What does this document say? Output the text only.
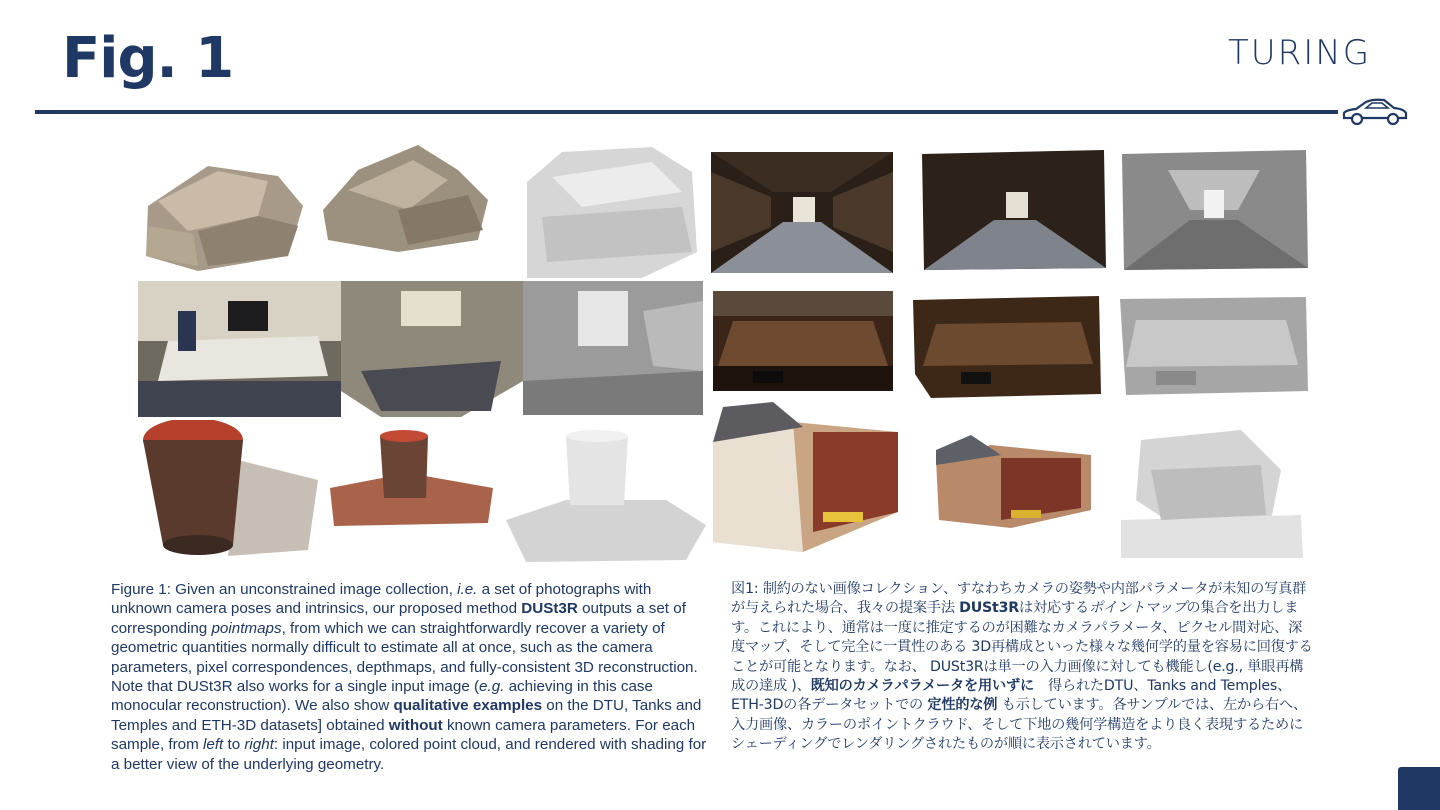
Fig. 1	TURING
Figure 1: Given an unconstrained image collection, i.e. a set of photographs with unknown camera poses and intrinsics, our proposed method DUSt3R outputs a set of corresponding pointmaps, from which we can straightforwardly recover a variety of geometric quantities normally difficult to estimate all at once, such as the camera parameters, pixel correspondences, depthmaps, and fully-consistent 3D reconstruction. Note that DUSt3R also works for a single input image (e.g. achieving in this case monocular reconstruction). We also show qualitative examples on the DTU, Tanks and Temples and ETH-3D datasets] obtained without known camera parameters. For each sample, from left to right: input image, colored point cloud, and rendered with shading for a better view of the underlying geometry.
図1: 制約のない画像コレクション、すなわちカメラの姿勢や内部パラメータが未知の写真群が与えられた場合、我々の提案手法 DUSt3Rは対応するポイントマップの集合を出力します。これにより、通常は一度に推定するのが困難なカメラパラメータ、ピクセル間対応、深度マップ、そして完全に一貫性のある 3D再構成といった様々な幾何学的量を容易に回復することが可能となります。なお、 DUSt3Rは単一の入力画像に対しても機能し(e.g., 単眼再構成の達成 )、既知のカメラパラメータを用いずに　得られたDTU、Tanks and Temples、ETH-3Dの各データセットでの 定性的な例 も示しています。各サンプルでは、左から右へ、入力画像、カラーのポイントクラウド、そして下地の幾何学構造をより良く表現するためにシェーディングでレンダリングされたものが順に表示されています。
